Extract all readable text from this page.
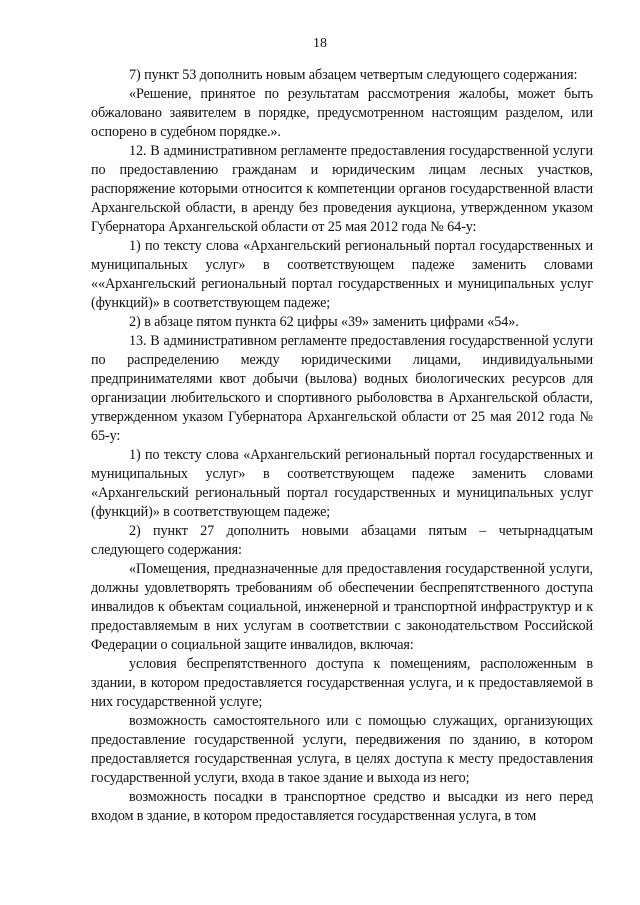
18

7) пункт 53 дополнить новым абзацем четвертым следующего содержания:

«Решение, принятое по результатам рассмотрения жалобы, может быть обжаловано заявителем в порядке, предусмотренном настоящим разделом, или оспорено в судебном порядке.».

12. В административном регламенте предоставления государственной услуги по предоставлению гражданам и юридическим лицам лесных участков, распоряжение которыми относится к компетенции органов государственной власти Архангельской области, в аренду без проведения аукциона, утвержденном указом Губернатора Архангельской области от 25 мая 2012 года № 64-у:

1) по тексту слова «Архангельский региональный портал государственных и муниципальных услуг» в соответствующем падеже заменить словами ««Архангельский региональный портал государственных и муниципальных услуг (функций)» в соответствующем падеже;

2) в абзаце пятом пункта 62 цифры «39» заменить цифрами «54».

13. В административном регламенте предоставления государственной услуги по распределению между юридическими лицами, индивидуальными предпринимателями квот добычи (вылова) водных биологических ресурсов для организации любительского и спортивного рыболовства в Архангельской области, утвержденном указом Губернатора Архангельской области от 25 мая 2012 года № 65-у:

1) по тексту слова «Архангельский региональный портал государственных и муниципальных услуг» в соответствующем падеже заменить словами «Архангельский региональный портал государственных и муниципальных услуг (функций)» в соответствующем падеже;

2) пункт 27 дополнить новыми абзацами пятым – четырнадцатым следующего содержания:

«Помещения, предназначенные для предоставления государственной услуги, должны удовлетворять требованиям об обеспечении беспрепятственного доступа инвалидов к объектам социальной, инженерной и транспортной инфраструктур и к предоставляемым в них услугам в соответствии с законодательством Российской Федерации о социальной защите инвалидов, включая:

условия беспрепятственного доступа к помещениям, расположенным в здании, в котором предоставляется государственная услуга, и к предоставляемой в них государственной услуге;

возможность самостоятельного или с помощью служащих, организующих предоставление государственной услуги, передвижения по зданию, в котором предоставляется государственная услуга, в целях доступа к месту предоставления государственной услуги, входа в такое здание и выхода из него;

возможность посадки в транспортное средство и высадки из него перед входом в здание, в котором предоставляется государственная услуга, в том
